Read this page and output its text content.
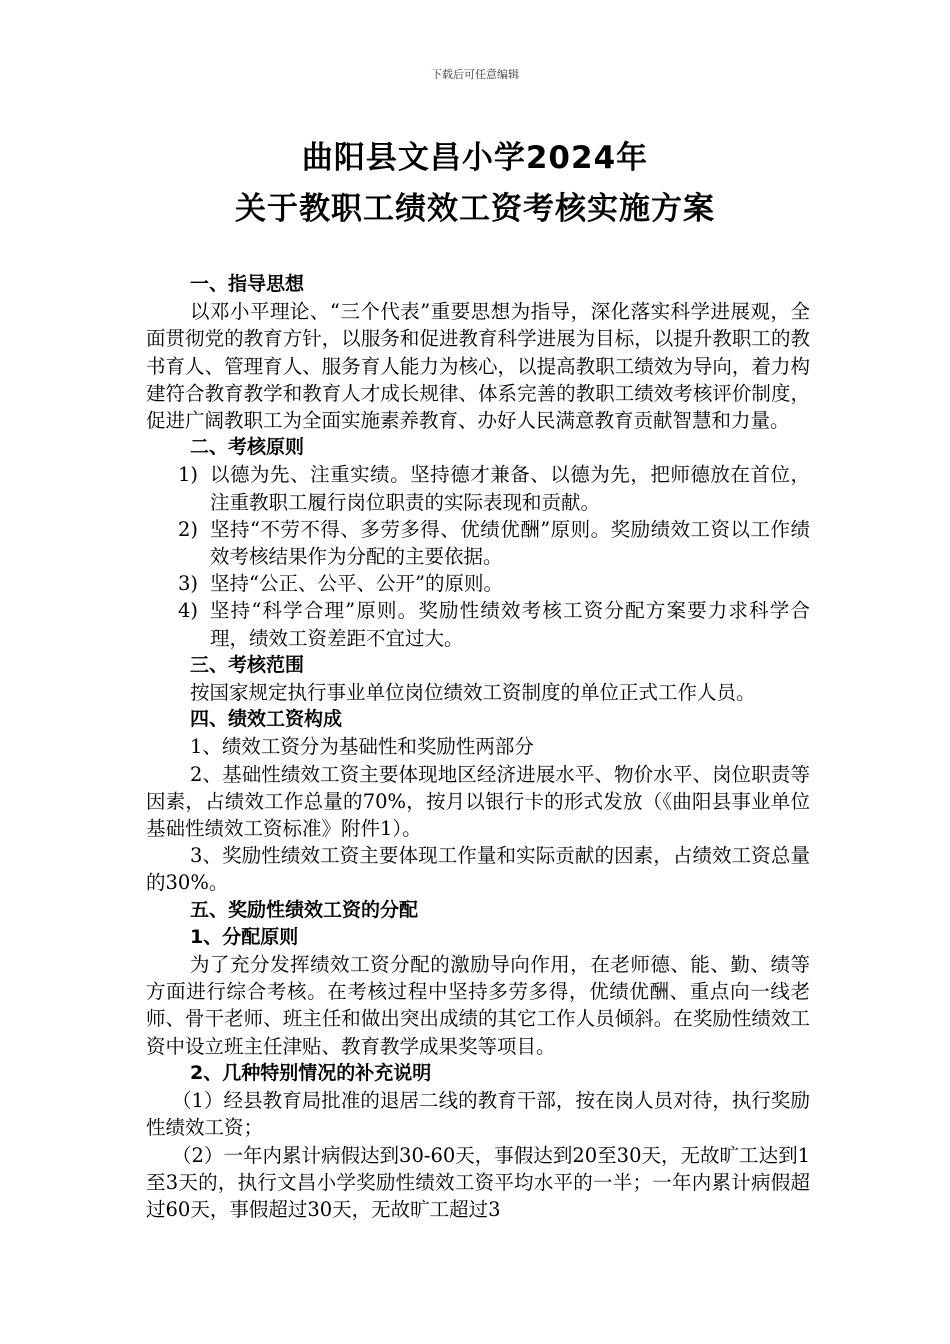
下载后可任意编辑
曲阳县文昌小学2024年
关于教职工绩效工资考核实施方案
一、指导思想
以邓小平理论、“三个代表”重要思想为指导，深化落实科学进展观，全面贯彻党的教育方针，以服务和促进教育科学进展为目标，以提升教职工的教书育人、管理育人、服务育人能力为核心，以提高教职工绩效为导向，着力构建符合教育教学和教育人才成长规律、体系完善的教职工绩效考核评价制度，促进广阔教职工为全面实施素养教育、办好人民满意教育贡献智慧和力量。
二、考核原则
1) 以德为先、注重实绩。坚持德才兼备、以德为先，把师德放在首位，注重教职工履行岗位职责的实际表现和贡献。
2) 坚持“不劳不得、多劳多得、优绩优酬”原则。奖励绩效工资以工作绩效考核结果作为分配的主要依据。
3) 坚持“公正、公平、公开”的原则。
4) 坚持“科学合理”原则。奖励性绩效考核工资分配方案要力求科学合理，绩效工资差距不宜过大。
三、考核范围
按国家规定执行事业单位岗位绩效工资制度的单位正式工作人员。
四、绩效工资构成
1、绩效工资分为基础性和奖励性两部分
2、基础性绩效工资主要体现地区经济进展水平、物价水平、岗位职责等因素，占绩效工作总量的70%，按月以银行卡的形式发放（《曲阳县事业单位基础性绩效工资标准》附件1）。
3、奖励性绩效工资主要体现工作量和实际贡献的因素，占绩效工资总量的30%。
五、奖励性绩效工资的分配
1、分配原则
为了充分发挥绩效工资分配的激励导向作用，在老师德、能、勤、绩等方面进行综合考核。在考核过程中坚持多劳多得，优绩优酬、重点向一线老师、骨干老师、班主任和做出突出成绩的其它工作人员倾斜。在奖励性绩效工资中设立班主任津贴、教育教学成果奖等项目。
2、几种特别情况的补充说明
（1）经县教育局批准的退居二线的教育干部，按在岗人员对待，执行奖励性绩效工资；
（2）一年内累计病假达到30-60天，事假达到20至30天，无故旷工达到1至3天的，执行文昌小学奖励性绩效工资平均水平的一半；一年内累计病假超过60天，事假超过30天，无故旷工超过3
